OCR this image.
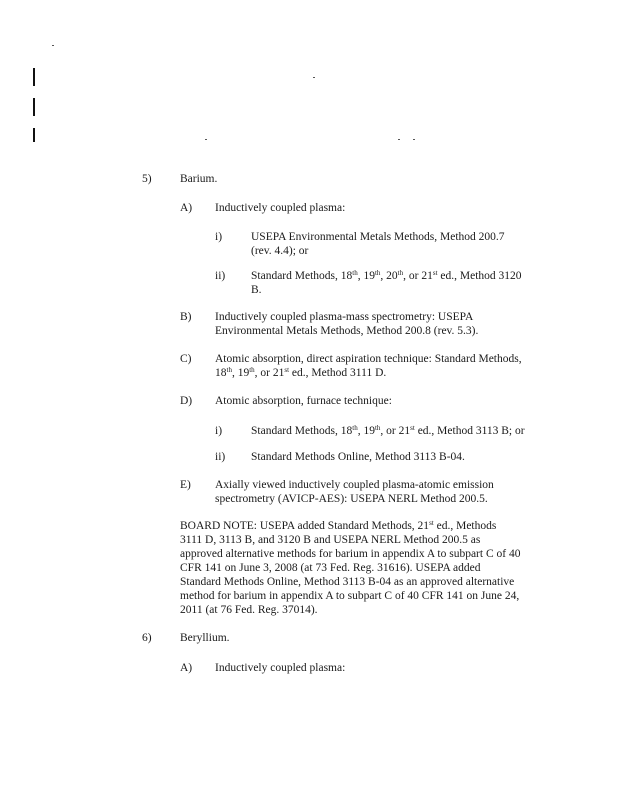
5) Barium.
A) Inductively coupled plasma:
i)	USEPA Environmental Metals Methods, Method 200.7
(rev. 4.4); or
ii) Standard Methods, 18th, 19th, 20th, or 21st ed., Method 3120
B.
B) Inductively coupled plasma-mass spectrometry: USEPA
Environmental Metals Methods, Method 200.8 (rev. 5.3).
C) Atomic absorption, direct aspiration technique: Standard Methods,
18th, 19th, or 21st ed., Method 3111 D.
D) Atomic absorption, furnace technique:
i)	Standard Methods, 18th, 19th, or 21st ed., Method 3113 B; or
ii) Standard Methods Online, Method 3113 B-04.
E) Axially viewed inductively coupled plasma-atomic emission
spectrometry (AVICP-AES): USEPA NERL Method 200.5.
BOARD NOTE: USEPA added Standard Methods, 21st ed., Methods
3111 D, 3113 B, and 3120 B and USEPA NERL Method 200.5 as
approved alternative methods for barium in appendix A to subpart C of 40
CFR 141 on June 3, 2008 (at 73 Fed. Reg. 31616). USEPA added
Standard Methods Online, Method 3113 B-04 as an approved alternative
method for barium in appendix A to subpart C of 40 CFR 141 on June 24,
2011 (at 76 Fed. Reg. 37014).
6) Beryllium.
A) Inductively coupled plasma:
